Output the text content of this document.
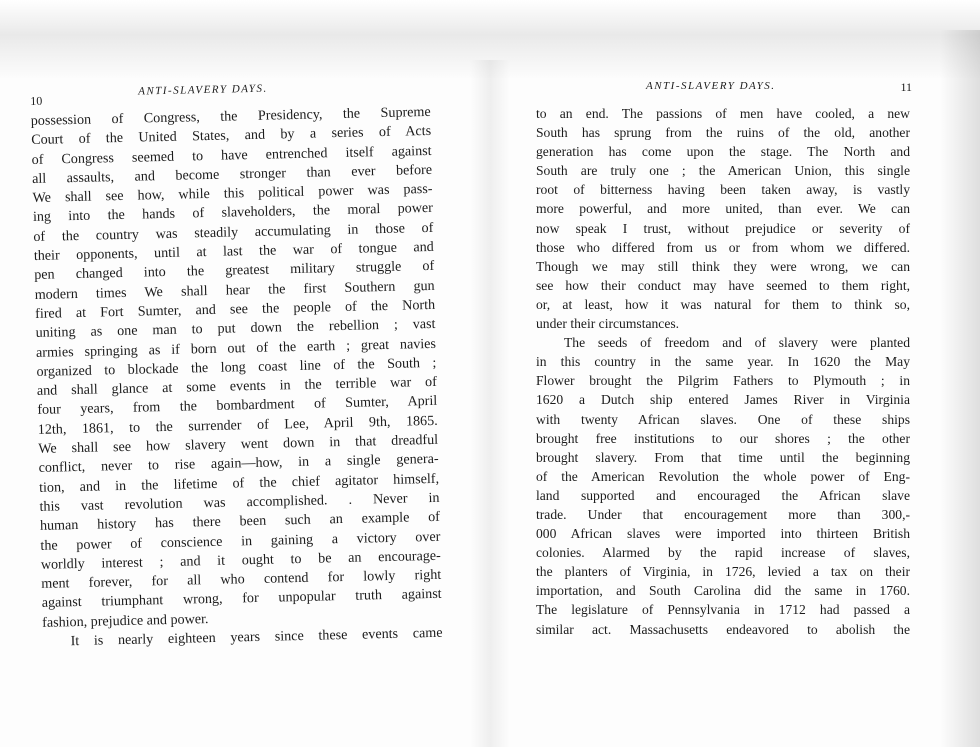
10
ANTI-SLAVERY DAYS.
possession of Congress, the Presidency, the Supreme
Court of the United States, and by a series of Acts
of Congress seemed to have entrenched itself against
all assaults, and become stronger than ever before
We shall see how, while this political power was pass-
ing into the hands of slaveholders, the moral power
of the country was steadily accumulating in those of
their opponents, until at last the war of tongue and
pen changed into the greatest military struggle of
modern times We shall hear the first Southern gun
fired at Fort Sumter, and see the people of the North
uniting as one man to put down the rebellion ; vast
armies springing as if born out of the earth ; great navies
organized to blockade the long coast line of the South ;
and shall glance at some events in the terrible war of
four years, from the bombardment of Sumter, April
12th, 1861, to the surrender of Lee, April 9th, 1865.
We shall see how slavery went down in that dreadful
conflict, never to rise again—how, in a single genera-
tion, and in the lifetime of the chief agitator himself,
this vast revolution was accomplished. . Never in
human history has there been such an example of
the power of conscience in gaining a victory over
worldly interest ; and it ought to be an encourage-
ment forever, for all who contend for lowly right
against triumphant wrong, for unpopular truth against
fashion, prejudice and power.
It is nearly eighteen years since these events came
ANTI-SLAVERY DAYS.	11
to an end. The passions of men have cooled, a new
South has sprung from the ruins of the old, another
generation has come upon the stage. The North and
South are truly one ; the American Union, this single
root of bitterness having been taken away, is vastly
more powerful, and more united, than ever. We can
now speak I trust, without prejudice or severity of
those who differed from us or from whom we differed.
Though we may still think they were wrong, we can
see how their conduct may have seemed to them right,
or, at least, how it was natural for them to think so,
under their circumstances.
The seeds of freedom and of slavery were planted
in this country in the same year. In 1620 the May
Flower brought the Pilgrim Fathers to Plymouth ; in
1620 a Dutch ship entered James River in Virginia
with twenty African slaves. One of these ships
brought free institutions to our shores ; the other
brought slavery. From that time until the beginning
of the American Revolution the whole power of Eng-
land supported and encouraged the African slave
trade. Under that encouragement more than 300,-
000 African slaves were imported into thirteen British
colonies. Alarmed by the rapid increase of slaves,
the planters of Virginia, in 1726, levied a tax on their
importation, and South Carolina did the same in 1760.
The legislature of Pennsylvania in 1712 had passed a
similar act. Massachusetts endeavored to abolish the
